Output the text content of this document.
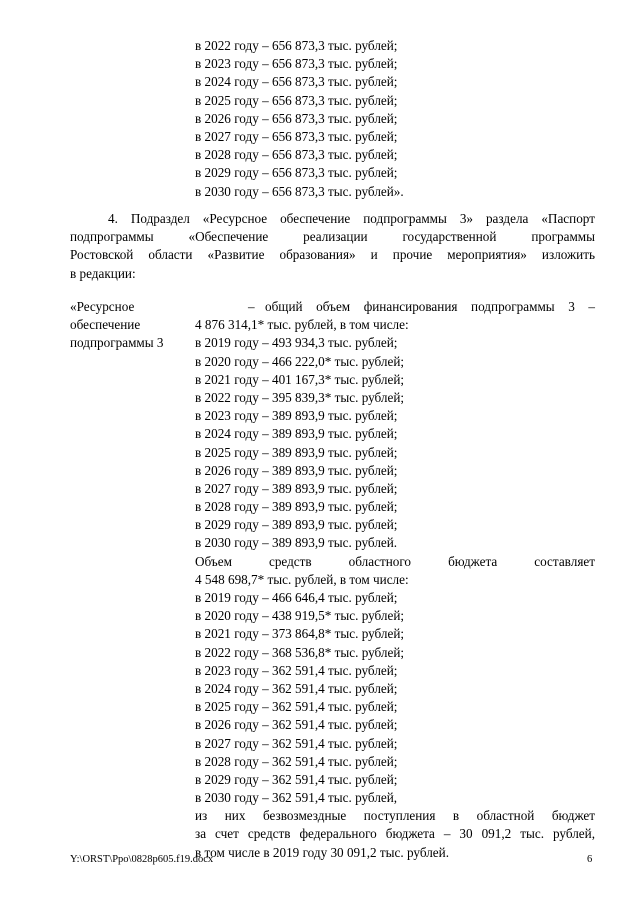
в 2022 году – 656 873,3 тыс. рублей;
в 2023 году – 656 873,3 тыс. рублей;
в 2024 году – 656 873,3 тыс. рублей;
в 2025 году – 656 873,3 тыс. рублей;
в 2026 году – 656 873,3 тыс. рублей;
в 2027 году – 656 873,3 тыс. рублей;
в 2028 году – 656 873,3 тыс. рублей;
в 2029 году – 656 873,3 тыс. рублей;
в 2030 году – 656 873,3 тыс. рублей».
4. Подраздел «Ресурсное обеспечение подпрограммы 3» раздела «Паспорт
подпрограммы «Обеспечение реализации государственной программы
Ростовской области «Развитие образования» и прочие мероприятия» изложить
в редакции:
«Ресурсное
обеспечение
подпрограммы 3
– общий объем финансирования подпрограммы 3 –
4 876 314,1* тыс. рублей, в том числе:
в 2019 году – 493 934,3 тыс. рублей;
в 2020 году – 466 222,0* тыс. рублей;
в 2021 году – 401 167,3* тыс. рублей;
в 2022 году – 395 839,3* тыс. рублей;
в 2023 году – 389 893,9 тыс. рублей;
в 2024 году – 389 893,9 тыс. рублей;
в 2025 году – 389 893,9 тыс. рублей;
в 2026 году – 389 893,9 тыс. рублей;
в 2027 году – 389 893,9 тыс. рублей;
в 2028 году – 389 893,9 тыс. рублей;
в 2029 году – 389 893,9 тыс. рублей;
в 2030 году – 389 893,9 тыс. рублей.
Объем средств областного бюджета составляет
4 548 698,7* тыс. рублей, в том числе:
в 2019 году – 466 646,4 тыс. рублей;
в 2020 году – 438 919,5* тыс. рублей;
в 2021 году – 373 864,8* тыс. рублей;
в 2022 году – 368 536,8* тыс. рублей;
в 2023 году – 362 591,4 тыс. рублей;
в 2024 году – 362 591,4 тыс. рублей;
в 2025 году – 362 591,4 тыс. рублей;
в 2026 году – 362 591,4 тыс. рублей;
в 2027 году – 362 591,4 тыс. рублей;
в 2028 году – 362 591,4 тыс. рублей;
в 2029 году – 362 591,4 тыс. рублей;
в 2030 году – 362 591,4 тыс. рублей,
из них безвозмездные поступления в областной бюджет
за счет средств федерального бюджета – 30 091,2 тыс. рублей,
в том числе в 2019 году 30 091,2 тыс. рублей.
Y:\ORST\Ppo\0828p605.f19.docx	6
